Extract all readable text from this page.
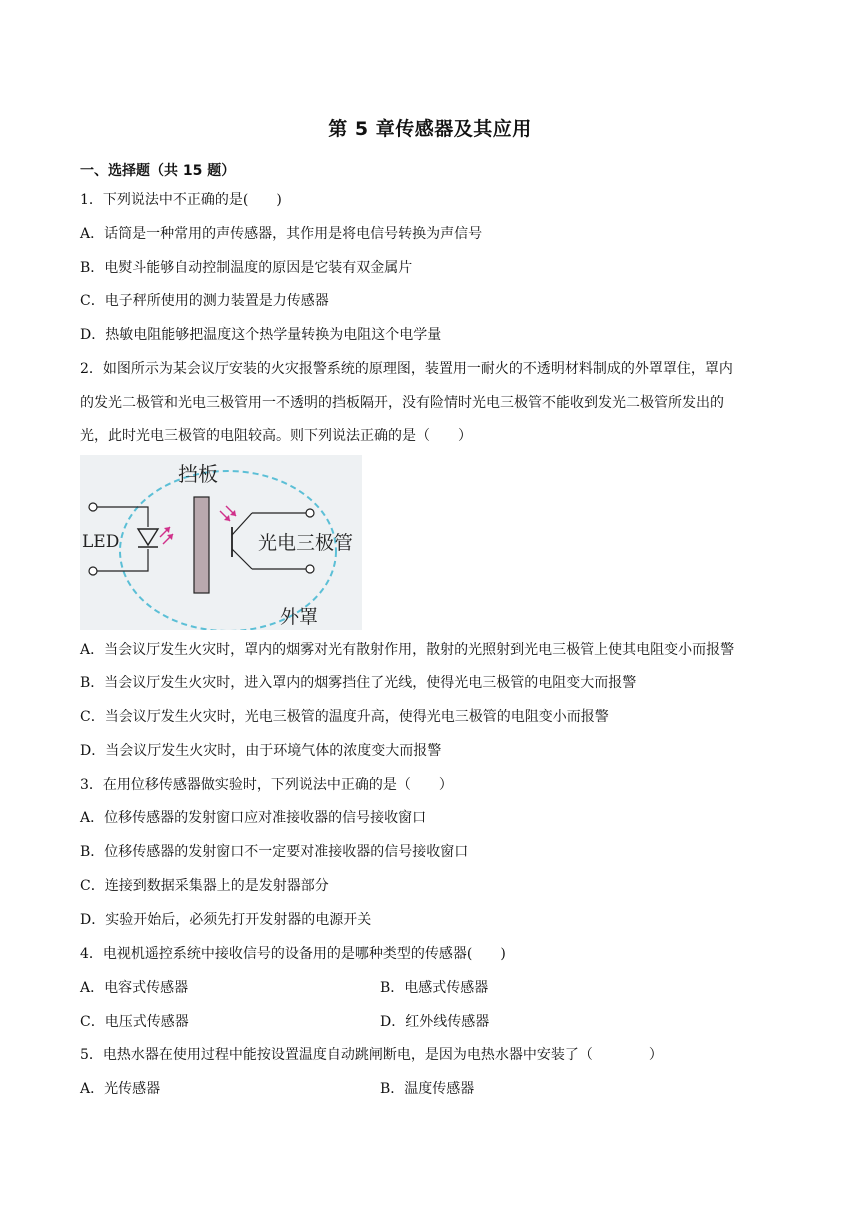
第 5 章传感器及其应用
一、选择题（共 15 题）
1．下列说法中不正确的是(　　)
A．话筒是一种常用的声传感器，其作用是将电信号转换为声信号
B．电熨斗能够自动控制温度的原因是它装有双金属片
C．电子秤所使用的测力装置是力传感器
D．热敏电阻能够把温度这个热学量转换为电阻这个电学量
2．如图所示为某会议厅安装的火灾报警系统的原理图，装置用一耐火的不透明材料制成的外罩罩住，罩内
的发光二极管和光电三极管用一不透明的挡板隔开，没有险情时光电三极管不能收到发光二极管所发出的
光，此时光电三极管的电阻较高。则下列说法正确的是（　　）
挡板
LED	光电三极管
外罩
A．当会议厅发生火灾时，罩内的烟雾对光有散射作用，散射的光照射到光电三极管上使其电阻变小而报警
B．当会议厅发生火灾时，进入罩内的烟雾挡住了光线，使得光电三极管的电阻变大而报警
C．当会议厅发生火灾时，光电三极管的温度升高，使得光电三极管的电阻变小而报警
D．当会议厅发生火灾时，由于环境气体的浓度变大而报警
3．在用位移传感器做实验时，下列说法中正确的是（　　）
A．位移传感器的发射窗口应对准接收器的信号接收窗口
B．位移传感器的发射窗口不一定要对准接收器的信号接收窗口
C．连接到数据采集器上的是发射器部分
D．实验开始后，必须先打开发射器的电源开关
4．电视机遥控系统中接收信号的设备用的是哪种类型的传感器(　　)
A．电容式传感器	B．电感式传感器
C．电压式传感器	D．红外线传感器
5．电热水器在使用过程中能按设置温度自动跳闸断电，是因为电热水器中安装了（　　　　）
A．光传感器	B．温度传感器
